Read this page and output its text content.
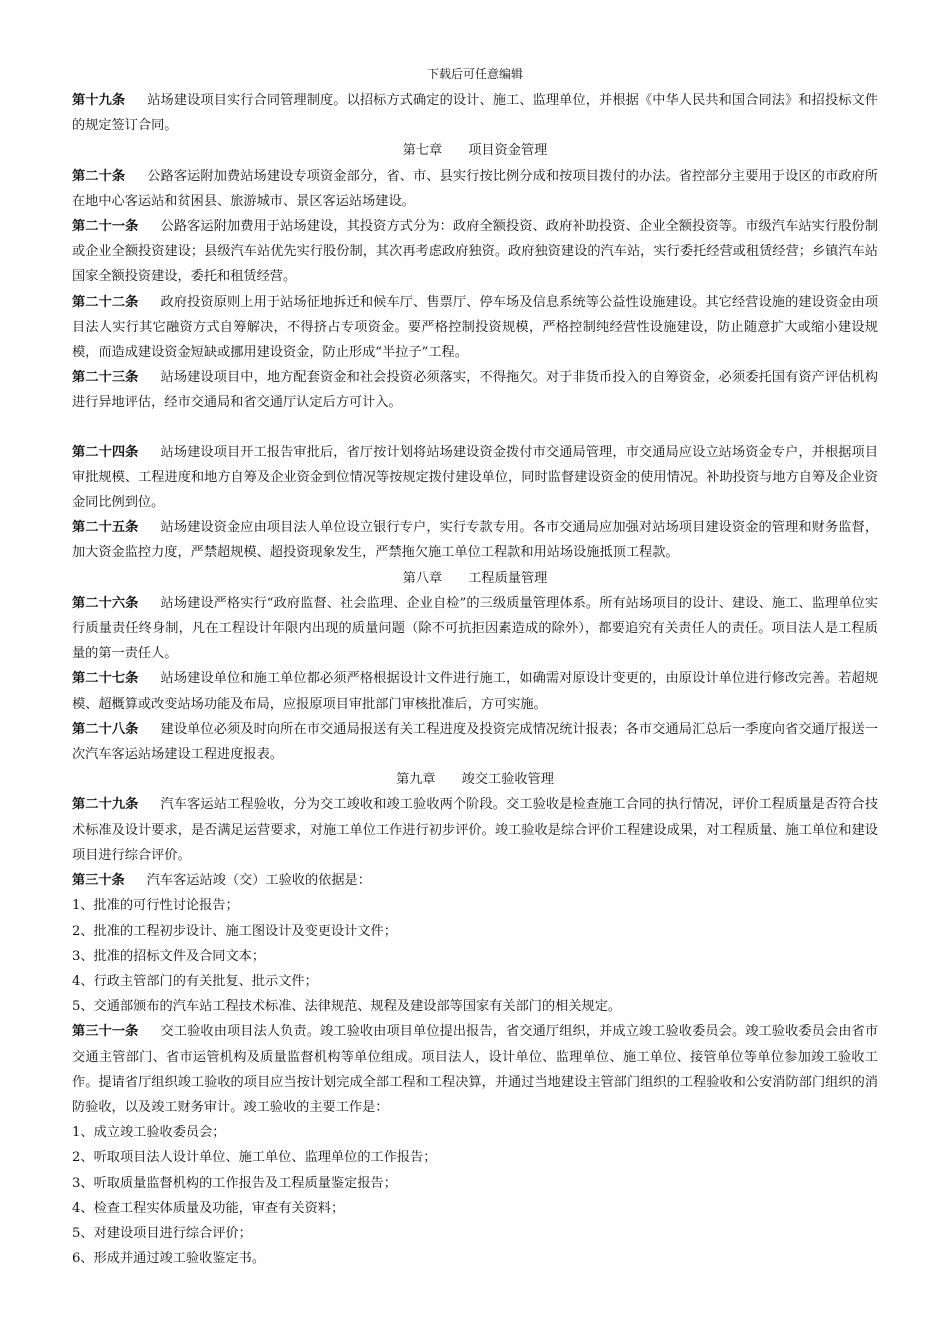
下载后可任意编辑

第十九条 站场建设项目实行合同管理制度。以招标方式确定的设计、施工、监理单位，并根据《中华人民共和国合同法》和招投标文件的规定签订合同。

第七章 项目资金管理

第二十条 公路客运附加费站场建设专项资金部分，省、市、县实行按比例分成和按项目拨付的办法。省控部分主要用于设区的市政府所在地中心客运站和贫困县、旅游城市、景区客运站场建设。

第二十一条 公路客运附加费用于站场建设，其投资方式分为：政府全额投资、政府补助投资、企业全额投资等。市级汽车站实行股份制或企业全额投资建设；县级汽车站优先实行股份制，其次再考虑政府独资。政府独资建设的汽车站，实行委托经营或租赁经营；乡镇汽车站国家全额投资建设，委托和租赁经营。

第二十二条 政府投资原则上用于站场征地拆迁和候车厅、售票厅、停车场及信息系统等公益性设施建设。其它经营设施的建设资金由项目法人实行其它融资方式自筹解决，不得挤占专项资金。要严格控制投资规模，严格控制纯经营性设施建设，防止随意扩大或缩小建设规模，而造成建设资金短缺或挪用建设资金，防止形成“半拉子”工程。

第二十三条 站场建设项目中，地方配套资金和社会投资必须落实，不得拖欠。对于非货币投入的自筹资金，必须委托国有资产评估机构进行异地评估，经市交通局和省交通厅认定后方可计入。

第二十四条 站场建设项目开工报告审批后，省厅按计划将站场建设资金拨付市交通局管理，市交通局应设立站场资金专户，并根据项目审批规模、工程进度和地方自筹及企业资金到位情况等按规定拨付建设单位，同时监督建设资金的使用情况。补助投资与地方自筹及企业资金同比例到位。

第二十五条 站场建设资金应由项目法人单位设立银行专户，实行专款专用。各市交通局应加强对站场项目建设资金的管理和财务监督，加大资金监控力度，严禁超规模、超投资现象发生，严禁拖欠施工单位工程款和用站场设施抵顶工程款。

第八章 工程质量管理

第二十六条 站场建设严格实行“政府监督、社会监理、企业自检”的三级质量管理体系。所有站场项目的设计、建设、施工、监理单位实行质量责任终身制，凡在工程设计年限内出现的质量问题（除不可抗拒因素造成的除外），都要追究有关责任人的责任。项目法人是工程质量的第一责任人。

第二十七条 站场建设单位和施工单位都必须严格根据设计文件进行施工，如确需对原设计变更的，由原设计单位进行修改完善。若超规模、超概算或改变站场功能及布局，应报原项目审批部门审核批准后，方可实施。

第二十八条 建设单位必须及时向所在市交通局报送有关工程进度及投资完成情况统计报表；各市交通局汇总后一季度向省交通厅报送一次汽车客运站场建设工程进度报表。

第九章 竣交工验收管理

第二十九条 汽车客运站工程验收，分为交工竣收和竣工验收两个阶段。交工验收是检查施工合同的执行情况，评价工程质量是否符合技术标准及设计要求，是否满足运营要求，对施工单位工作进行初步评价。竣工验收是综合评价工程建设成果，对工程质量、施工单位和建设项目进行综合评价。

第三十条 汽车客运站竣（交）工验收的依据是：

1、批准的可行性讨论报告；

2、批准的工程初步设计、施工图设计及变更设计文件；

3、批准的招标文件及合同文本；

4、行政主管部门的有关批复、批示文件；

5、交通部颁布的汽车站工程技术标准、法律规范、规程及建设部等国家有关部门的相关规定。

第三十一条 交工验收由项目法人负责。竣工验收由项目单位提出报告，省交通厅组织，并成立竣工验收委员会。竣工验收委员会由省市交通主管部门、省市运管机构及质量监督机构等单位组成。项目法人，设计单位、监理单位、施工单位、接管单位等单位参加竣工验收工作。提请省厅组织竣工验收的项目应当按计划完成全部工程和工程决算，并通过当地建设主管部门组织的工程验收和公安消防部门组织的消防验收，以及竣工财务审计。竣工验收的主要工作是：

1、成立竣工验收委员会；

2、听取项目法人设计单位、施工单位、监理单位的工作报告；

3、听取质量监督机构的工作报告及工程质量鉴定报告；

4、检查工程实体质量及功能，审查有关资料；

5、对建设项目进行综合评价；

6、形成并通过竣工验收鉴定书。
